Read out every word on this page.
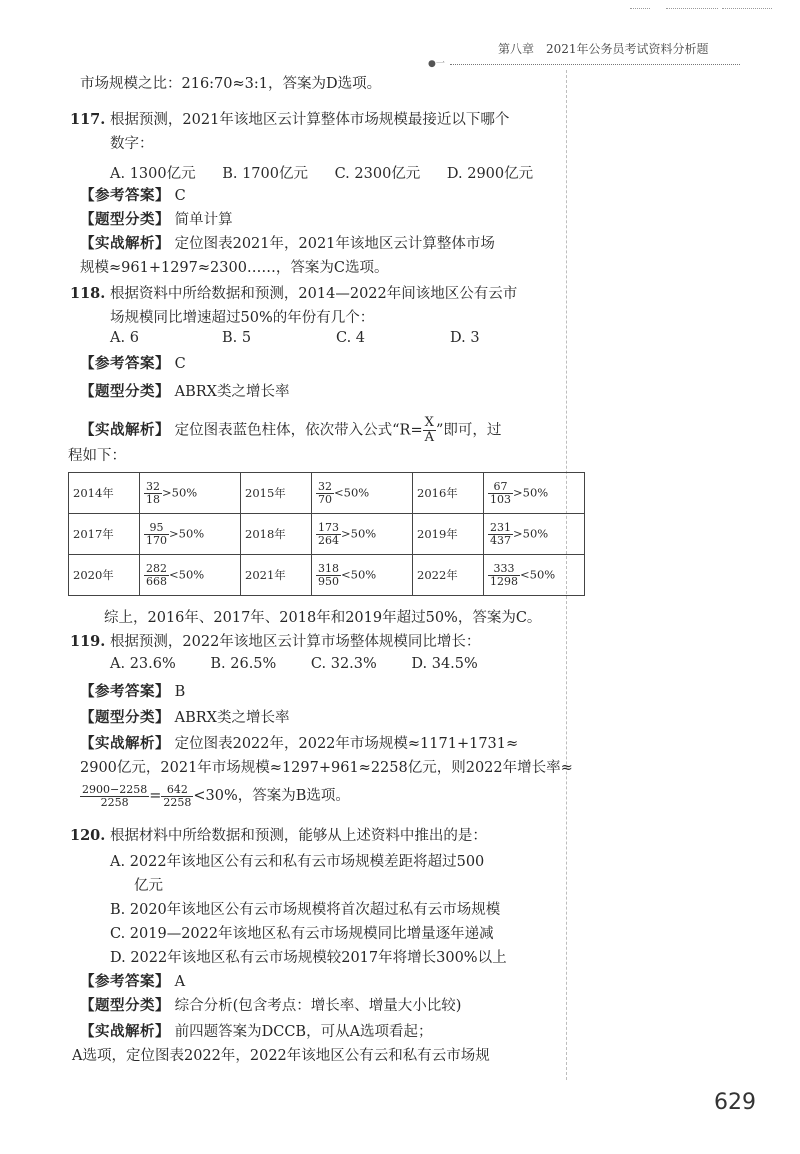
第八章　2021年公务员考试资料分析题
●一
市场规模之比：216:70≈3:1，答案为D选项。
117. 根据预测，2021年该地区云计算整体市场规模最接近以下哪个
数字：
A. 1300亿元 B. 1700亿元 C. 2300亿元 D. 2900亿元
【参考答案】 C
【题型分类】 简单计算
【实战解析】 定位图表2021年，2021年该地区云计算整体市场
规模≈961+1297≈2300……，答案为C选项。
118. 根据资料中所给数据和预测，2014—2022年间该地区公有云市
场规模同比增速超过50%的年份有几个：
A. 6	B. 5	C. 4	D. 3
【参考答案】 C
【题型分类】 ABRX类之增长率
【实战解析】 定位图表蓝色柱体，依次带入公式“$R= \frac{X}{A}$ ”即可，过
程如下：
2014年	$\frac{32}{18} >50\%$	2015年	$\frac{32}{70} <50\%$	2016年	$\frac{67}{103} >50\%$
2017年	$\frac{95}{170} >50\%$	2018年	$\frac{173}{264} >50\%$	2019年	$\frac{231}{437} >50\%$
2020年	$\frac{282}{668} <50\%$	2021年	$\frac{318}{950} <50\%$	2022年	$\frac{333}{1298} <50\%$
综上，2016年、2017年、2018年和2019年超过50%，答案为C。
119. 根据预测，2022年该地区云计算市场整体规模同比增长：
A. 23.6% B. 26.5% C. 32.3% D. 34.5%
【参考答案】 B
【题型分类】 ABRX类之增长率
【实战解析】 定位图表2022年，2022年市场规模≈1171+1731≈
2900亿元，2021年市场规模≈1297+961≈2258亿元，则2022年增长率≈
$\frac{2900-2258}{2258} = \frac{642}{2258} <30\%$，答案为B选项。
120. 根据材料中所给数据和预测，能够从上述资料中推出的是：
A. 2022年该地区公有云和私有云市场规模差距将超过500
亿元
B. 2020年该地区公有云市场规模将首次超过私有云市场规模
C. 2019—2022年该地区私有云市场规模同比增量逐年递减
D. 2022年该地区私有云市场规模较2017年将增长300%以上
【参考答案】 A
【题型分类】 综合分析(包含考点：增长率、增量大小比较)
【实战解析】 前四题答案为DCCB，可从A选项看起；
A选项，定位图表2022年，2022年该地区公有云和私有云市场规
629
